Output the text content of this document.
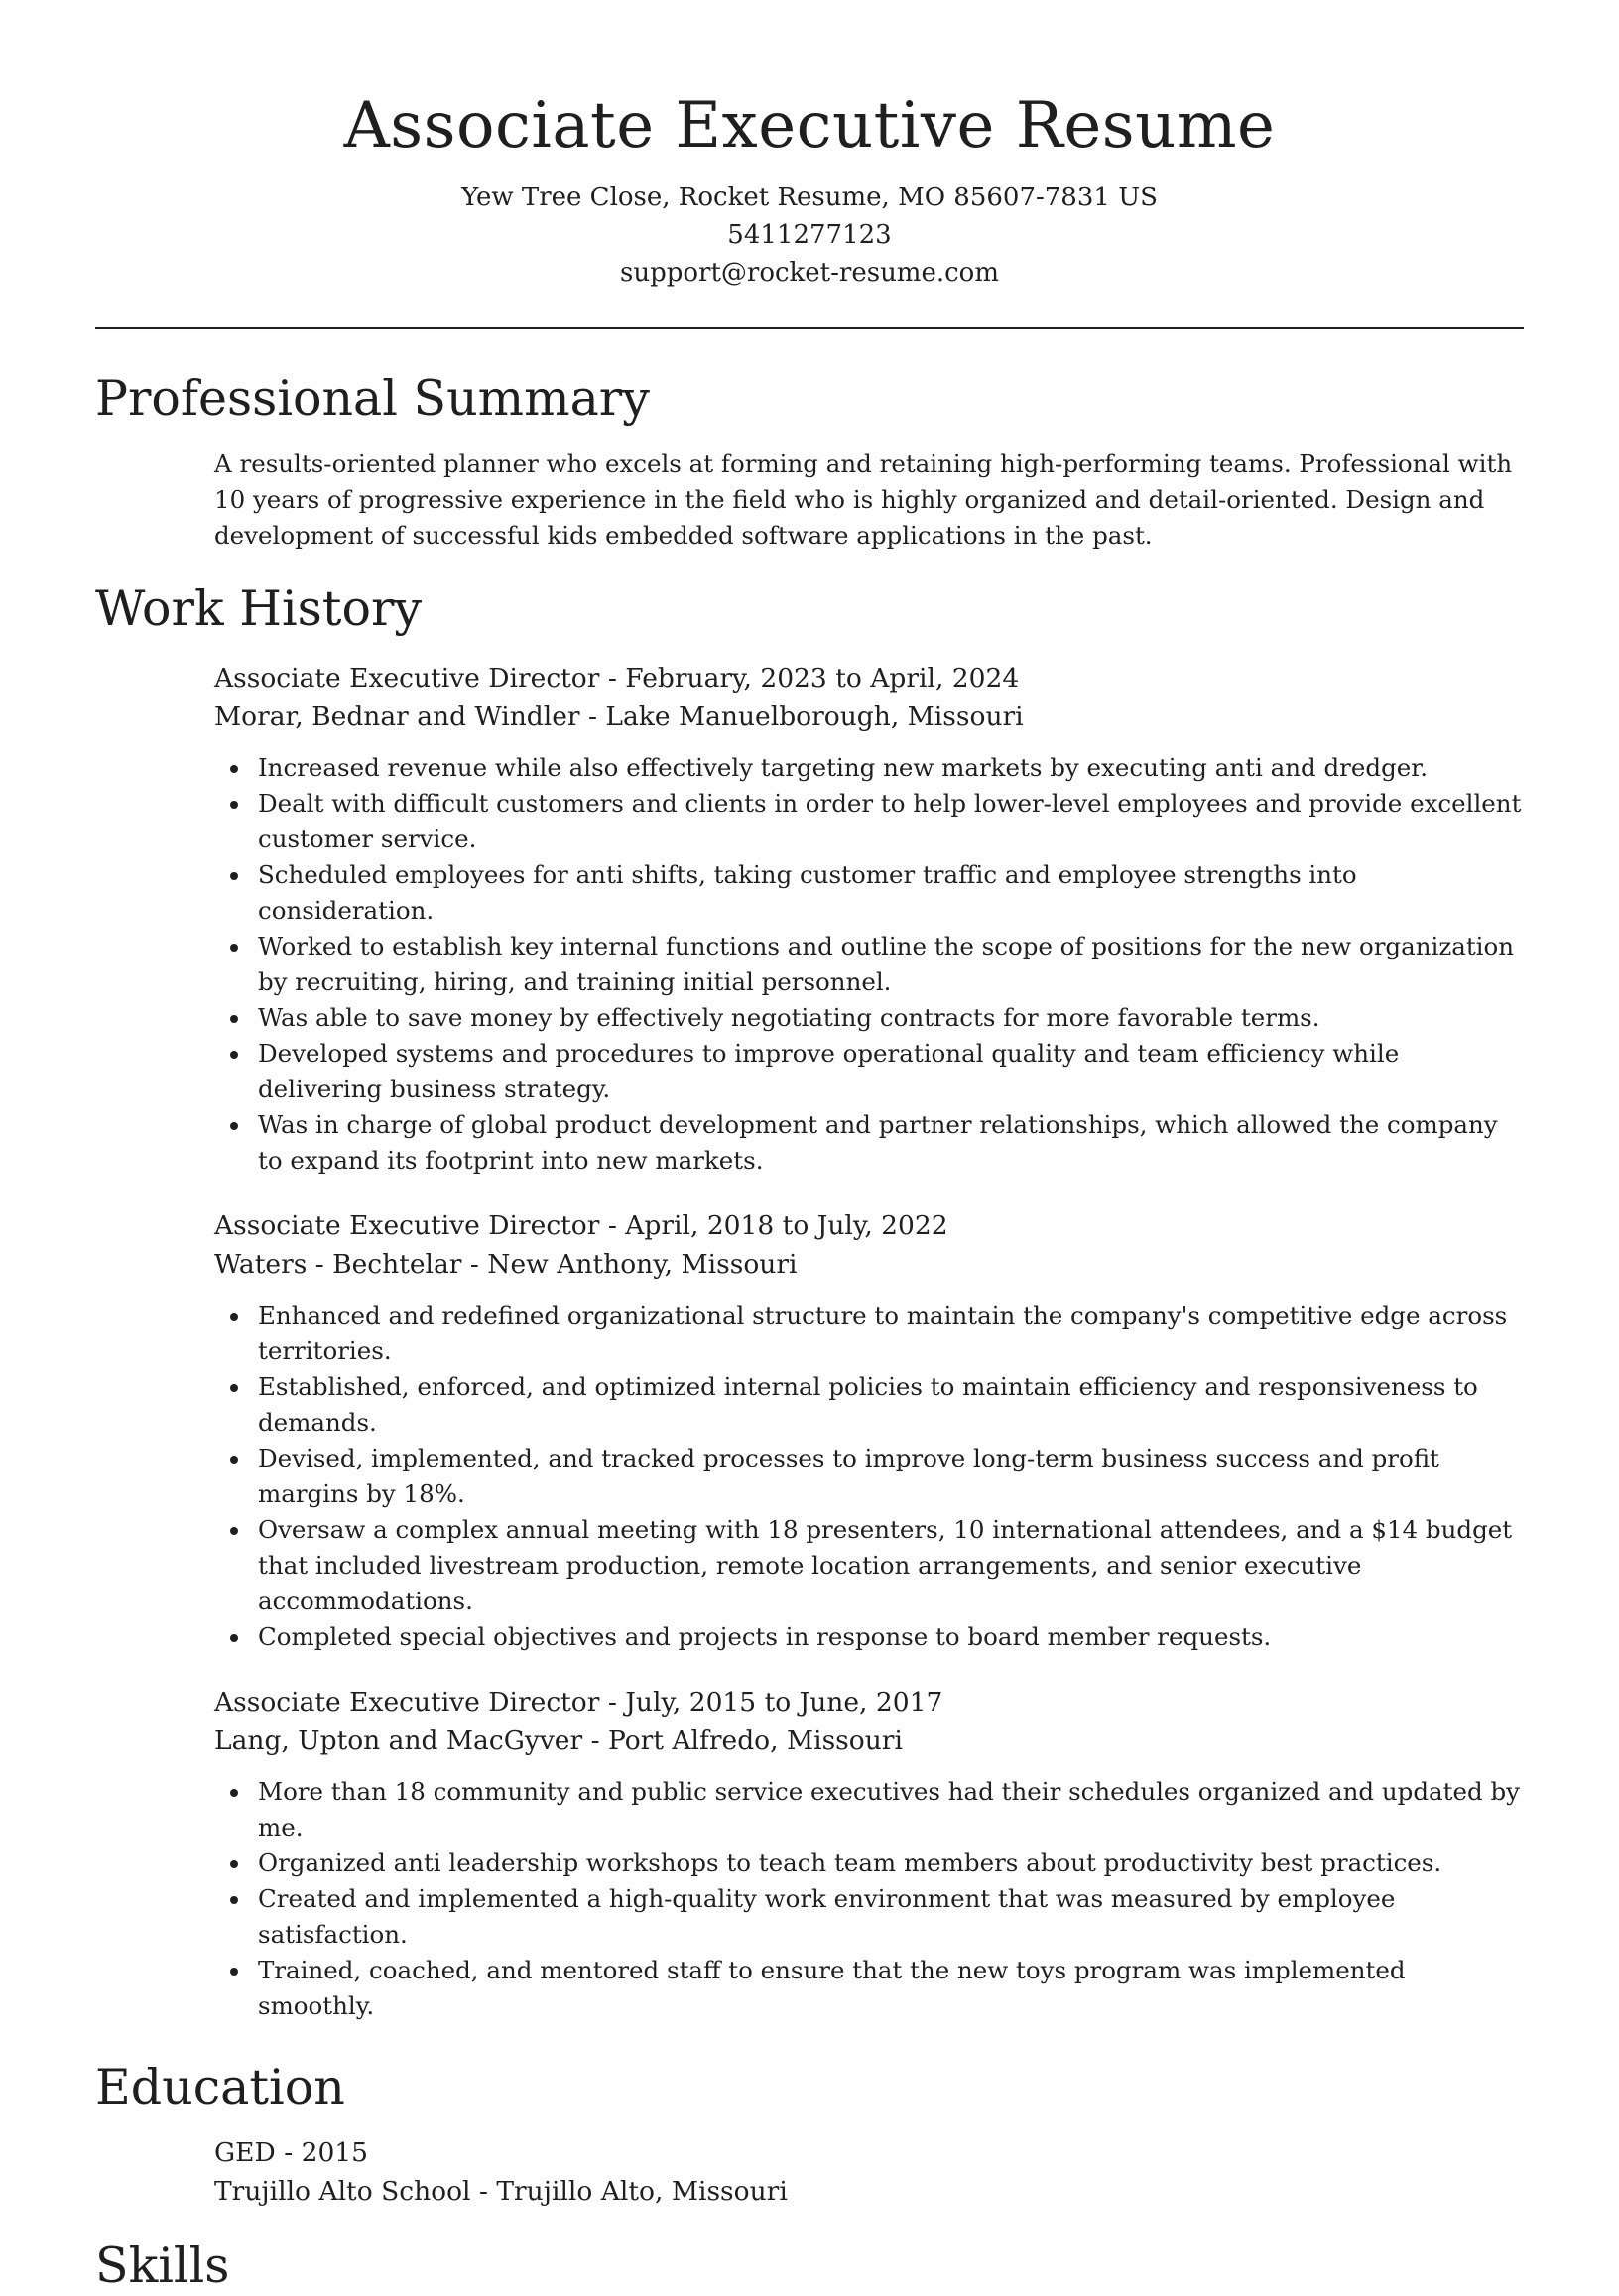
Associate Executive Resume
Yew Tree Close, Rocket Resume, MO 85607-7831 US
5411277123
support@rocket-resume.com
Professional Summary

A results-oriented planner who excels at forming and retaining high-performing teams. Professional with 10 years of progressive experience in the field who is highly organized and detail-oriented. Design and development of successful kids embedded software applications in the past.

Work History
Associate Executive Director - February, 2023 to April, 2024
Morar, Bednar and Windler - Lake Manuelborough, Missouri
Increased revenue while also effectively targeting new markets by executing anti and dredger.
Dealt with difficult customers and clients in order to help lower-level employees and provide excellent customer service.
Scheduled employees for anti shifts, taking customer traffic and employee strengths into consideration.
Worked to establish key internal functions and outline the scope of positions for the new organization by recruiting, hiring, and training initial personnel.
Was able to save money by effectively negotiating contracts for more favorable terms.
Developed systems and procedures to improve operational quality and team efficiency while delivering business strategy.
Was in charge of global product development and partner relationships, which allowed the company to expand its footprint into new markets.
Associate Executive Director - April, 2018 to July, 2022
Waters - Bechtelar - New Anthony, Missouri
Enhanced and redefined organizational structure to maintain the company's competitive edge across territories.
Established, enforced, and optimized internal policies to maintain efficiency and responsiveness to demands.
Devised, implemented, and tracked processes to improve long-term business success and profit margins by 18%.
Oversaw a complex annual meeting with 18 presenters, 10 international attendees, and a $14 budget that included livestream production, remote location arrangements, and senior executive accommodations.
Completed special objectives and projects in response to board member requests.
Associate Executive Director - July, 2015 to June, 2017
Lang, Upton and MacGyver - Port Alfredo, Missouri
More than 18 community and public service executives had their schedules organized and updated by me.
Organized anti leadership workshops to teach team members about productivity best practices.
Created and implemented a high-quality work environment that was measured by employee satisfaction.
Trained, coached, and mentored staff to ensure that the new toys program was implemented smoothly.
Education
GED - 2015
Trujillo Alto School - Trujillo Alto, Missouri
Skills
